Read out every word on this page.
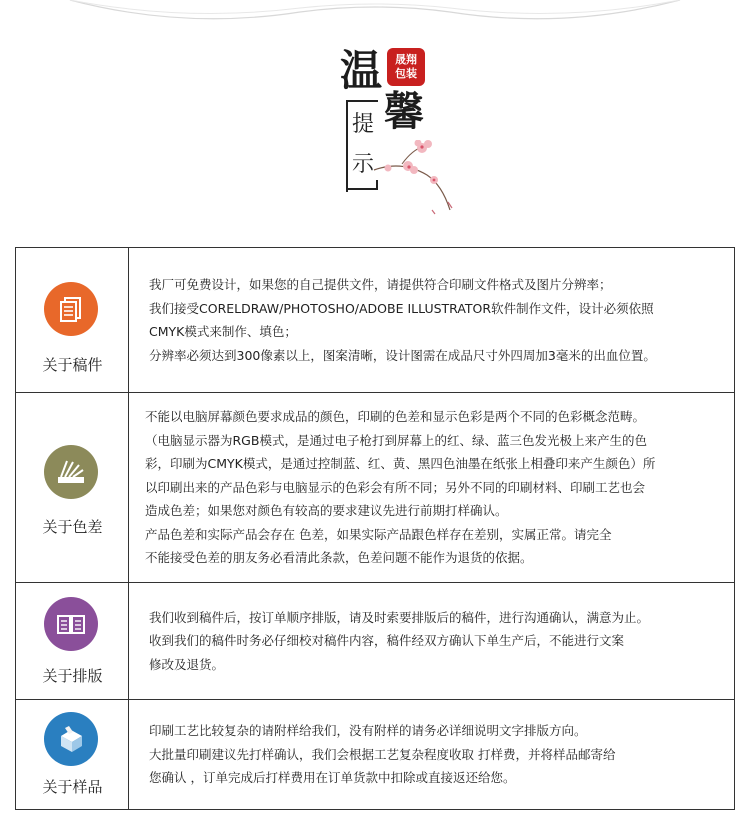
温	晟翔
包装
馨
提
示
关于稿件
我厂可免费设计，如果您的自己提供文件，请提供符合印刷文件格式及图片分辨率；
我们接受CORELDRAW/PHOTOSHO/ADOBE ILLUSTRATOR软件制作文件，设计必须依照
CMYK模式来制作、填色；
分辨率必须达到300像素以上，图案清晰，设计图需在成品尺寸外四周加3毫米的出血位置。
关于色差
不能以电脑屏幕颜色要求成品的颜色，印刷的色差和显示色彩是两个不同的色彩概念范畴。
（电脑显示器为RGB模式，是通过电子枪打到屏幕上的红、绿、蓝三色发光极上来产生的色
彩，印刷为CMYK模式，是通过控制蓝、红、黄、黑四色油墨在纸张上相叠印来产生颜色）所
以印刷出来的产品色彩与电脑显示的色彩会有所不同；另外不同的印刷材料、印刷工艺也会
造成色差；如果您对颜色有较高的要求建议先进行前期打样确认。
产品色差和实际产品会存在 色差，如果实际产品跟色样存在差别，实属正常。请完全
不能接受色差的朋友务必看清此条款，色差问题不能作为退货的依据。
关于排版
我们收到稿件后，按订单顺序排版，请及时索要排版后的稿件，进行沟通确认，满意为止。
收到我们的稿件时务必仔细校对稿件内容，稿件经双方确认下单生产后，不能进行文案
修改及退货。
关于样品
印刷工艺比较复杂的请附样给我们，没有附样的请务必详细说明文字排版方向。
大批量印刷建议先打样确认，我们会根据工艺复杂程度收取 打样费，并将样品邮寄给
您确认 ，订单完成后打样费用在订单货款中扣除或直接返还给您。
